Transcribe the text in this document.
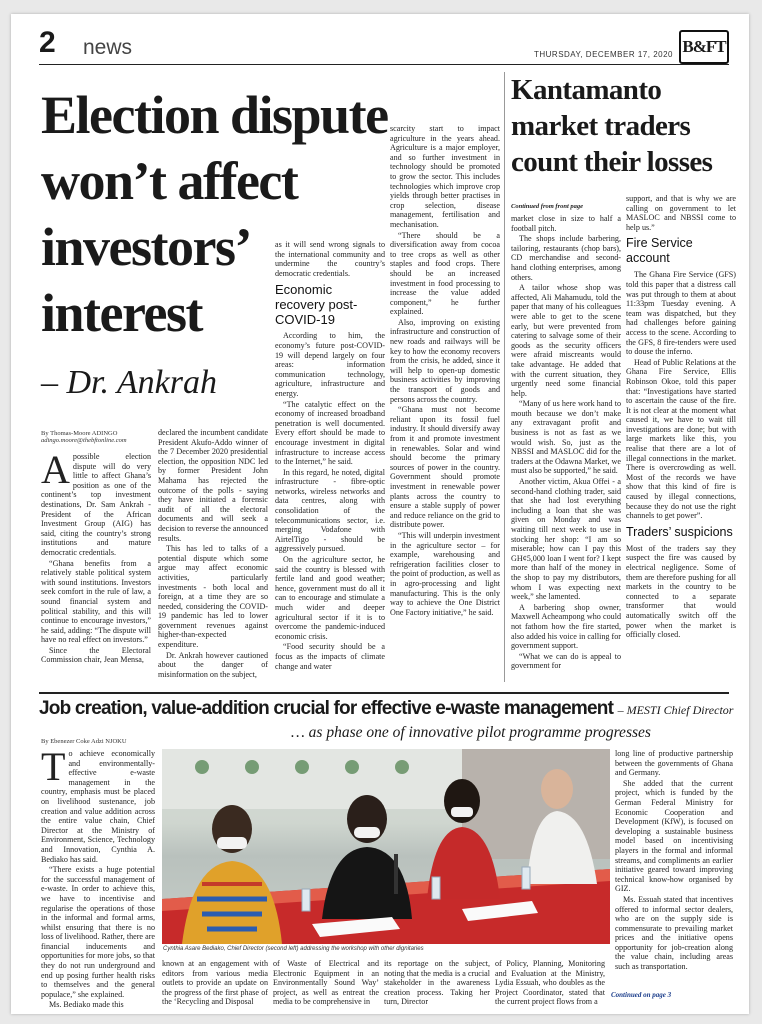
2 news	THURSDAY, DECEMBER 17, 2020 B&FT
Election dispute
won’t affect
investors’
interest

– Dr. Ankrah

By Thomas-Moore ADINGO
adingo.moore@thebftonline.com

Apossible election dispute will do very little to affect Ghana’s position as one of the continent’s top investment destinations, Dr. Sam Ankrah - President of the African Investment Group (AIG) has said, citing the country’s strong institutions and mature democratic credentials.

“Ghana benefits from a relatively stable political system with sound institutions. Investors seek comfort in the rule of law, a sound financial system and political stability, and this will continue to encourage investors,” he said, adding: “The dispute will have no real effect on investors.”

Since the Electoral Commission chair, Jean Mensa,

declared the incumbent candidate President Akufo-Addo winner of the 7 December 2020 presidential election, the opposition NDC led by former President John Mahama has rejected the outcome of the polls - saying they have initiated a forensic audit of all the electoral documents and will seek a decision to reverse the announced results.

This has led to talks of a potential dispute which some argue may affect economic activities, particularly investments - both local and foreign, at a time they are so needed, considering the COVID-19 pandemic has led to lower government revenues against higher-than-expected expenditure.

Dr. Ankrah however cautioned about the danger of misinformation on the subject,

as it will send wrong signals to the international community and undermine the country’s democratic credentials.

Economic recovery post-COVID-19

According to him, the economy’s future post-COVID-19 will depend largely on four areas: information communication technology, agriculture, infrastructure and energy.

“The catalytic effect on the economy of increased broadband penetration is well documented. Every effort should be made to encourage investment in digital infrastructure to increase access to the Internet,” he said.

In this regard, he noted, digital infrastructure - fibre-optic networks, wireless networks and data centres, along with consolidation of the telecommunications sector, i.e. merging Vodafone with AirtelTigo - should be aggressively pursued.

On the agriculture sector, he said the country is blessed with fertile land and good weather; hence, government must do all it can to encourage and stimulate a much wider and deeper agricultural sector if it is to overcome the pandemic-induced economic crisis.

“Food security should be a focus as the impacts of climate change and water

scarcity start to impact agriculture in the years ahead. Agriculture is a major employer, and so further investment in technology should be promoted to grow the sector. This includes technologies which improve crop yields through better practises in crop selection, disease management, fertilisation and mechanisation.

“There should be a diversification away from cocoa to tree crops as well as other staples and food crops. There should be an increased investment in food processing to increase the value added component,” he further explained.

Also, improving on existing infrastructure and construction of new roads and railways will be key to how the economy recovers from the crisis, he added, since it will help to open-up domestic business activities by improving the transport of goods and persons across the country.

“Ghana must not become reliant upon its fossil fuel industry. It should diversify away from it and promote investment in renewables. Solar and wind should become the primary sources of power in the country. Government should promote investment in renewable power plants across the country to ensure a stable supply of power and reduce reliance on the grid to distribute power.

“This will underpin investment in the agriculture sector – for example, warehousing and refrigeration facilities closer to the point of production, as well as in agro-processing and light manufacturing. This is the only way to achieve the One District One Factory initiative,” he said.

Kantamanto
market traders
count their losses
Continued from front page

market close in size to half a football pitch.

The shops include barbering, tailoring, restaurants (chop bars), CD merchandise and second-hand clothing enterprises, among others.

A tailor whose shop was affected, Ali Mahamudu, told the paper that many of his colleagues were able to get to the scene early, but were prevented from catering to salvage some of their goods as the security officers were afraid miscreants would take advantage. He added that with the current situation, they urgently need some financial help.

“Many of us here work hand to mouth because we don’t make any extravagant profit and business is not as fast as we would wish. So, just as the NBSSI and MASLOC did for the traders at the Odawna Market, we must also be supported,” he said.

Another victim, Akua Offei - a second-hand clothing trader, said that she had lost everything including a loan that she was given on Monday and was waiting till next week to use in stocking her shop: “I am so miserable; how can I pay this GH¢5,000 loan I went for? I kept more than half of the money in the shop to pay my distributors, whom I was expecting next week,” she lamented.

A barbering shop owner, Maxwell Acheampong who could not fathom how the fire started, also added his voice in calling for government support.

“What we can do is appeal to government for

support, and that is why we are calling on government to let MASLOC and NBSSI come to help us.”

Fire Service account

The Ghana Fire Service (GFS) told this paper that a distress call was put through to them at about 11:33pm Tuesday evening. A team was dispatched, but they had challenges before gaining access to the scene. According to the GFS, 8 fire-tenders were used to douse the inferno.

Head of Public Relations at the Ghana Fire Service, Ellis Robinson Okoe, told this paper that: “Investigations have started to ascertain the cause of the fire. It is not clear at the moment what caused it, we have to wait till investigations are done; but with large markets like this, you realise that there are a lot of illegal connections in the market. There is overcrowding as well. Most of the records we have show that this kind of fire is caused by illegal connections, because they do not use the right channels to get power”.

Traders’ suspicions

Most of the traders say they suspect the fire was caused by electrical negligence. Some of them are therefore pushing for all markets in the country to be connected to a separate transformer that would automatically switch off the power when the market is officially closed.

Job creation, value-addition crucial for effective e-waste management – MESTI Chief Director

… as phase one of innovative pilot programme progresses

By Ebenezer Coke Adzi NJOKU

To achieve economically and environmentally-effective e-waste management in the country, emphasis must be placed on livelihood sustenance, job creation and value addition across the entire value chain, Chief Director at the Ministry of Environment, Science, Technology and Innovation, Cynthia A. Bediako has said.

“There exists a huge potential for the successful management of e-waste. In order to achieve this, we have to incentivise and regularise the operations of those in the informal and formal arms, whilst ensuring that there is no loss of livelihood. Rather, there are financial inducements and opportunities for more jobs, so that they do not run underground and end up posing further health risks to themselves and the general populace,” she explained.

Ms. Bediako made this

Cynthia Asare Bediako, Chief Director (second left) addressing the workshop with other dignitaries

known at an engagement with editors from various media outlets to provide an update on the progress of the first phase of the ‘Recycling and Disposal

of Waste of Electrical and Electronic Equipment in an Environmentally Sound Way’ project, as well as entreat the media to be comprehensive in

its reportage on the subject, noting that the media is a crucial stakeholder in the awareness creation process. Taking her turn, Director

of Policy, Planning, Monitoring and Evaluation at the Ministry, Lydia Essuah, who doubles as the Project Coordinator, stated that the current project flows from a

long line of productive partnership between the governments of Ghana and Germany.

She added that the current project, which is funded by the German Federal Ministry for Economic Cooperation and Development (KfW), is focused on developing a sustainable business model based on incentivising players in the formal and informal streams, and compliments an earlier initiative geared toward improving technical know-how organised by GIZ.

Ms. Essuah stated that incentives offered to informal sector dealers, who are on the supply side is commensurate to prevailing market prices and the initiative opens opportunity for job-creation along the value chain, including areas such as transportation.

Continued on page 3
